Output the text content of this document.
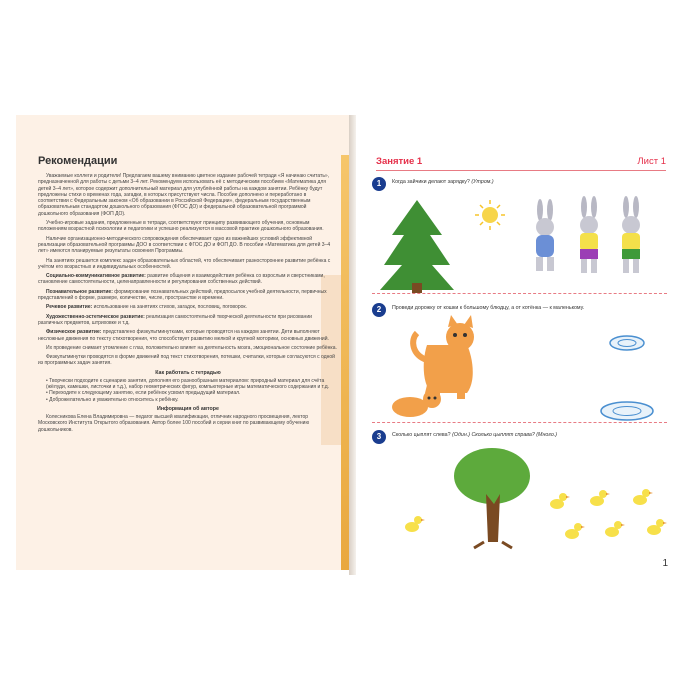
Рекомендации
Уважаемые коллеги и родители! Предлагаем вашему вниманию цветное издание рабочей тетради «Я начинаю считать», предназначенной для работы с детьми 3–4 лет. Рекомендуем использовать её с методическим пособием «Математика для детей 3–4 лет», которое содержит дополнительный материал для углублённой работы на каждом занятии. Ребёнку будут предложены стихи о временах года, загадки, в которых присутствуют числа. Пособие дополнено и переработано в соответствии с Федеральным законом «Об образовании в Российской Федерации», федеральным государственным образовательным стандартом дошкольного образования (ФГОС ДО) и федеральной образовательной программой дошкольного образования (ФОП ДО).
Учебно-игровые задания, предложенные в тетради, соответствуют принципу развивающего обучения, основным положениям возрастной психологии и педагогики и успешно реализуются в массовой практике дошкольного образования.
Наличие организационно-методического сопровождения обеспечивает одно из важнейших условий эффективной реализации образовательной программы ДОО в соответствии с ФГОС ДО и ФОП ДО. В пособии «Математика для детей 3–4 лет» имеются планируемые результаты освоения Программы.
На занятиях решается комплекс задач образовательных областей, что обеспечивает разностороннее развитие ребёнка с учётом его возрастных и индивидуальных особенностей.
Социально-коммуникативное развитие: развитие общения и взаимодействия ребёнка со взрослым и сверстниками, становление самостоятельности, целенаправленности и регулирования собственных действий.
Познавательное развитие: формирование познавательных действий, предпосылок учебной деятельности, первичных представлений о форме, размере, количестве, числе, пространстве и времени.
Речевое развитие: использование на занятиях стихов, загадок, пословиц, поговорок.
Художественно-эстетическое развитие: реализация самостоятельной творческой деятельности при рисовании различных предметов, штриховке и т.д.
Физическое развитие: представлено физкультминутками, которые проводятся на каждом занятии. Дети выполняют несложные движения по тексту стихотворения, что способствует развитию мелкой и крупной моторики, основных движений.
Их проведение снимает утомление с глаз, положительно влияет на деятельность мозга, эмоциональное состояние ребёнка.
Физкультминутки проводятся в форме движений под текст стихотворения, потешки, считалки, которые согласуются с одной из программных задач занятия.
Как работать с тетрадью
• Творчески подходите к сценарию занятия, дополняя его разнообразным материалом: природный материал для счёта (жёлуди, камешки, листочки и т.д.), набор геометрических фигур, компьютерные игры математического содержания и т.д.
• Переходите к следующему занятию, если ребёнок усвоил предыдущий материал.
• Доброжелательно и уважительно относитесь к ребёнку.
Информация об авторе
Колесникова Елена Владимировна — педагог высшей квалификации, отличник народного просвещения, лектор Московского Института Открытого образования. Автор более 100 пособий и серии книг по развивающему обучению дошкольников.
Занятие 1	Лист 1
1	Когда зайчики делают зарядку? (Утром.)
2	Проведи дорожку от кошки к большому блюдцу, а от котёнка — к маленькому.
3	Сколько цыплят слева? (Один.) Сколько цыплят справа? (Много.)
1
